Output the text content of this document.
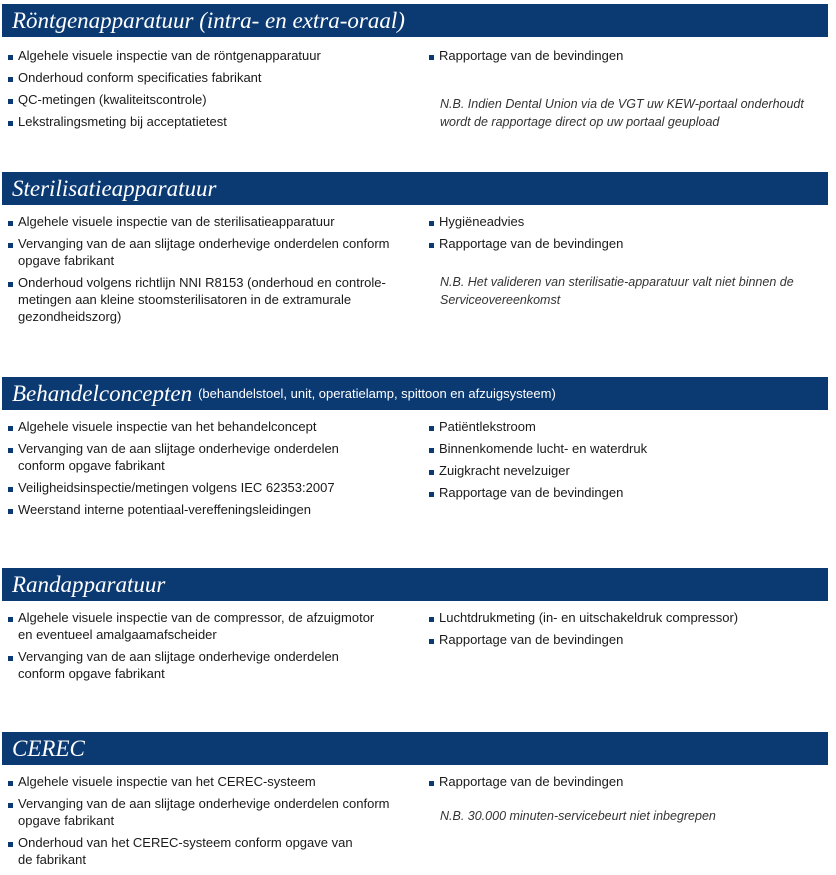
Röntgenapparatuur (intra- en extra-oraal)
Algehele visuele inspectie van de röntgenapparatuur
Onderhoud conform specificaties fabrikant
QC-metingen (kwaliteitscontrole)
Lekstralingsmeting bij acceptatietest
Rapportage van de bevindingen
N.B. Indien Dental Union via de VGT uw KEW-portaal onderhoudt wordt de rapportage direct op uw portaal geupload
Sterilisatieapparatuur
Algehele visuele inspectie van de sterilisatieapparatuur
Vervanging van de aan slijtage onderhevige onderdelen conform opgave fabrikant
Onderhoud volgens richtlijn NNI R8153 (onderhoud en controle-metingen aan kleine stoomsterilisatoren in de extramurale gezondheidszorg)
Hygiëneadvies
Rapportage van de bevindingen
N.B. Het valideren van sterilisatie-apparatuur valt niet binnen de Serviceovereenkomst
Behandelconcepten (behandelstoel, unit, operatielamp, spittoon en afzuigsysteem)
Algehele visuele inspectie van het behandelconcept
Vervanging van de aan slijtage onderhevige onderdelen conform opgave fabrikant
Veiligheidsinspectie/metingen volgens IEC 62353:2007
Weerstand interne potentiaal-vereffeningsleidingen
Patiëntlekstroom
Binnenkomende lucht- en waterdruk
Zuigkracht nevelzuiger
Rapportage van de bevindingen
Randapparatuur
Algehele visuele inspectie van de compressor, de afzuigmotor en eventueel amalgaamafscheider
Vervanging van de aan slijtage onderhevige onderdelen conform opgave fabrikant
Luchtdrukmeting (in- en uitschakeldruk compressor)
Rapportage van de bevindingen
CEREC
Algehele visuele inspectie van het CEREC-systeem
Vervanging van de aan slijtage onderhevige onderdelen conform opgave fabrikant
Onderhoud van het CEREC-systeem conform opgave van de fabrikant
Rapportage van de bevindingen
N.B. 30.000 minuten-servicebeurt niet inbegrepen
